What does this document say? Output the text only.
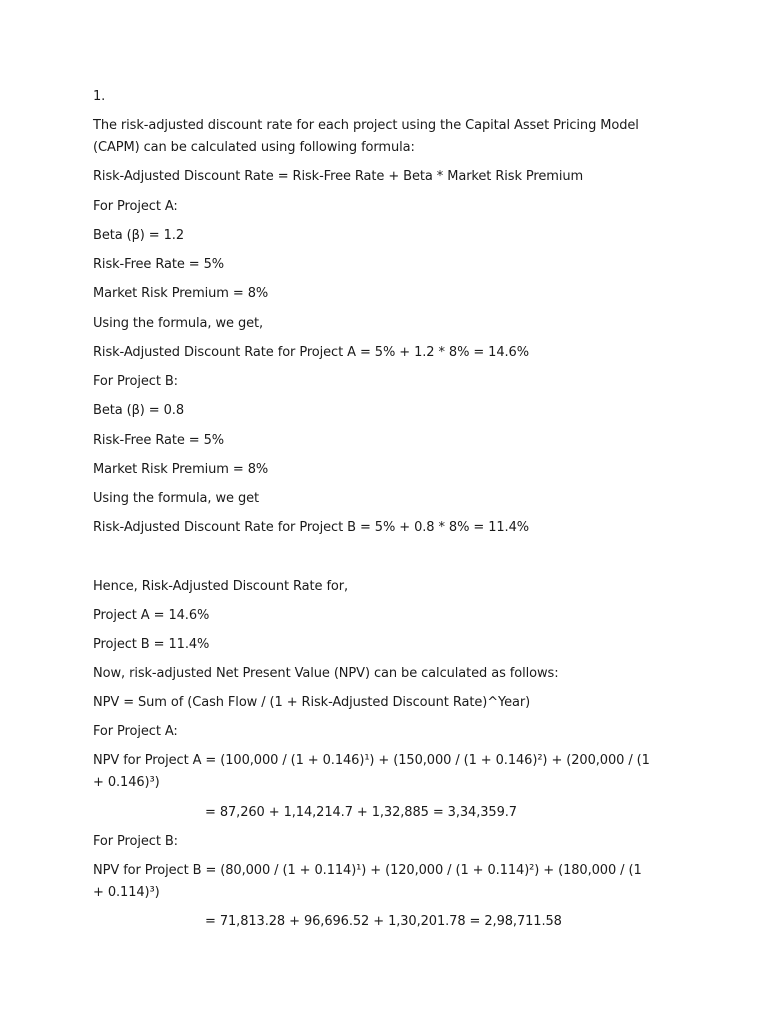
1.
The risk-adjusted discount rate for each project using the Capital Asset Pricing Model (CAPM) can be calculated using following formula:
Risk-Adjusted Discount Rate = Risk-Free Rate + Beta * Market Risk Premium
For Project A:
Beta (β) = 1.2
Risk-Free Rate = 5%
Market Risk Premium = 8%
Using the formula, we get,
Risk-Adjusted Discount Rate for Project A = 5% + 1.2 * 8% = 14.6%
For Project B:
Beta (β) = 0.8
Risk-Free Rate = 5%
Market Risk Premium = 8%
Using the formula, we get
Risk-Adjusted Discount Rate for Project B = 5% + 0.8 * 8% = 11.4%
Hence, Risk-Adjusted Discount Rate for,
Project A = 14.6%
Project B = 11.4%
Now, risk-adjusted Net Present Value (NPV) can be calculated as follows:
NPV = Sum of (Cash Flow / (1 + Risk-Adjusted Discount Rate)^Year)
For Project A:
NPV for Project A = (100,000 / (1 + 0.146)¹) + (150,000 / (1 + 0.146)²) + (200,000 / (1 + 0.146)³)
= 87,260 + 1,14,214.7 + 1,32,885 = 3,34,359.7
For Project B:
NPV for Project B = (80,000 / (1 + 0.114)¹) + (120,000 / (1 + 0.114)²) + (180,000 / (1 + 0.114)³)
= 71,813.28 + 96,696.52 + 1,30,201.78 = 2,98,711.58
